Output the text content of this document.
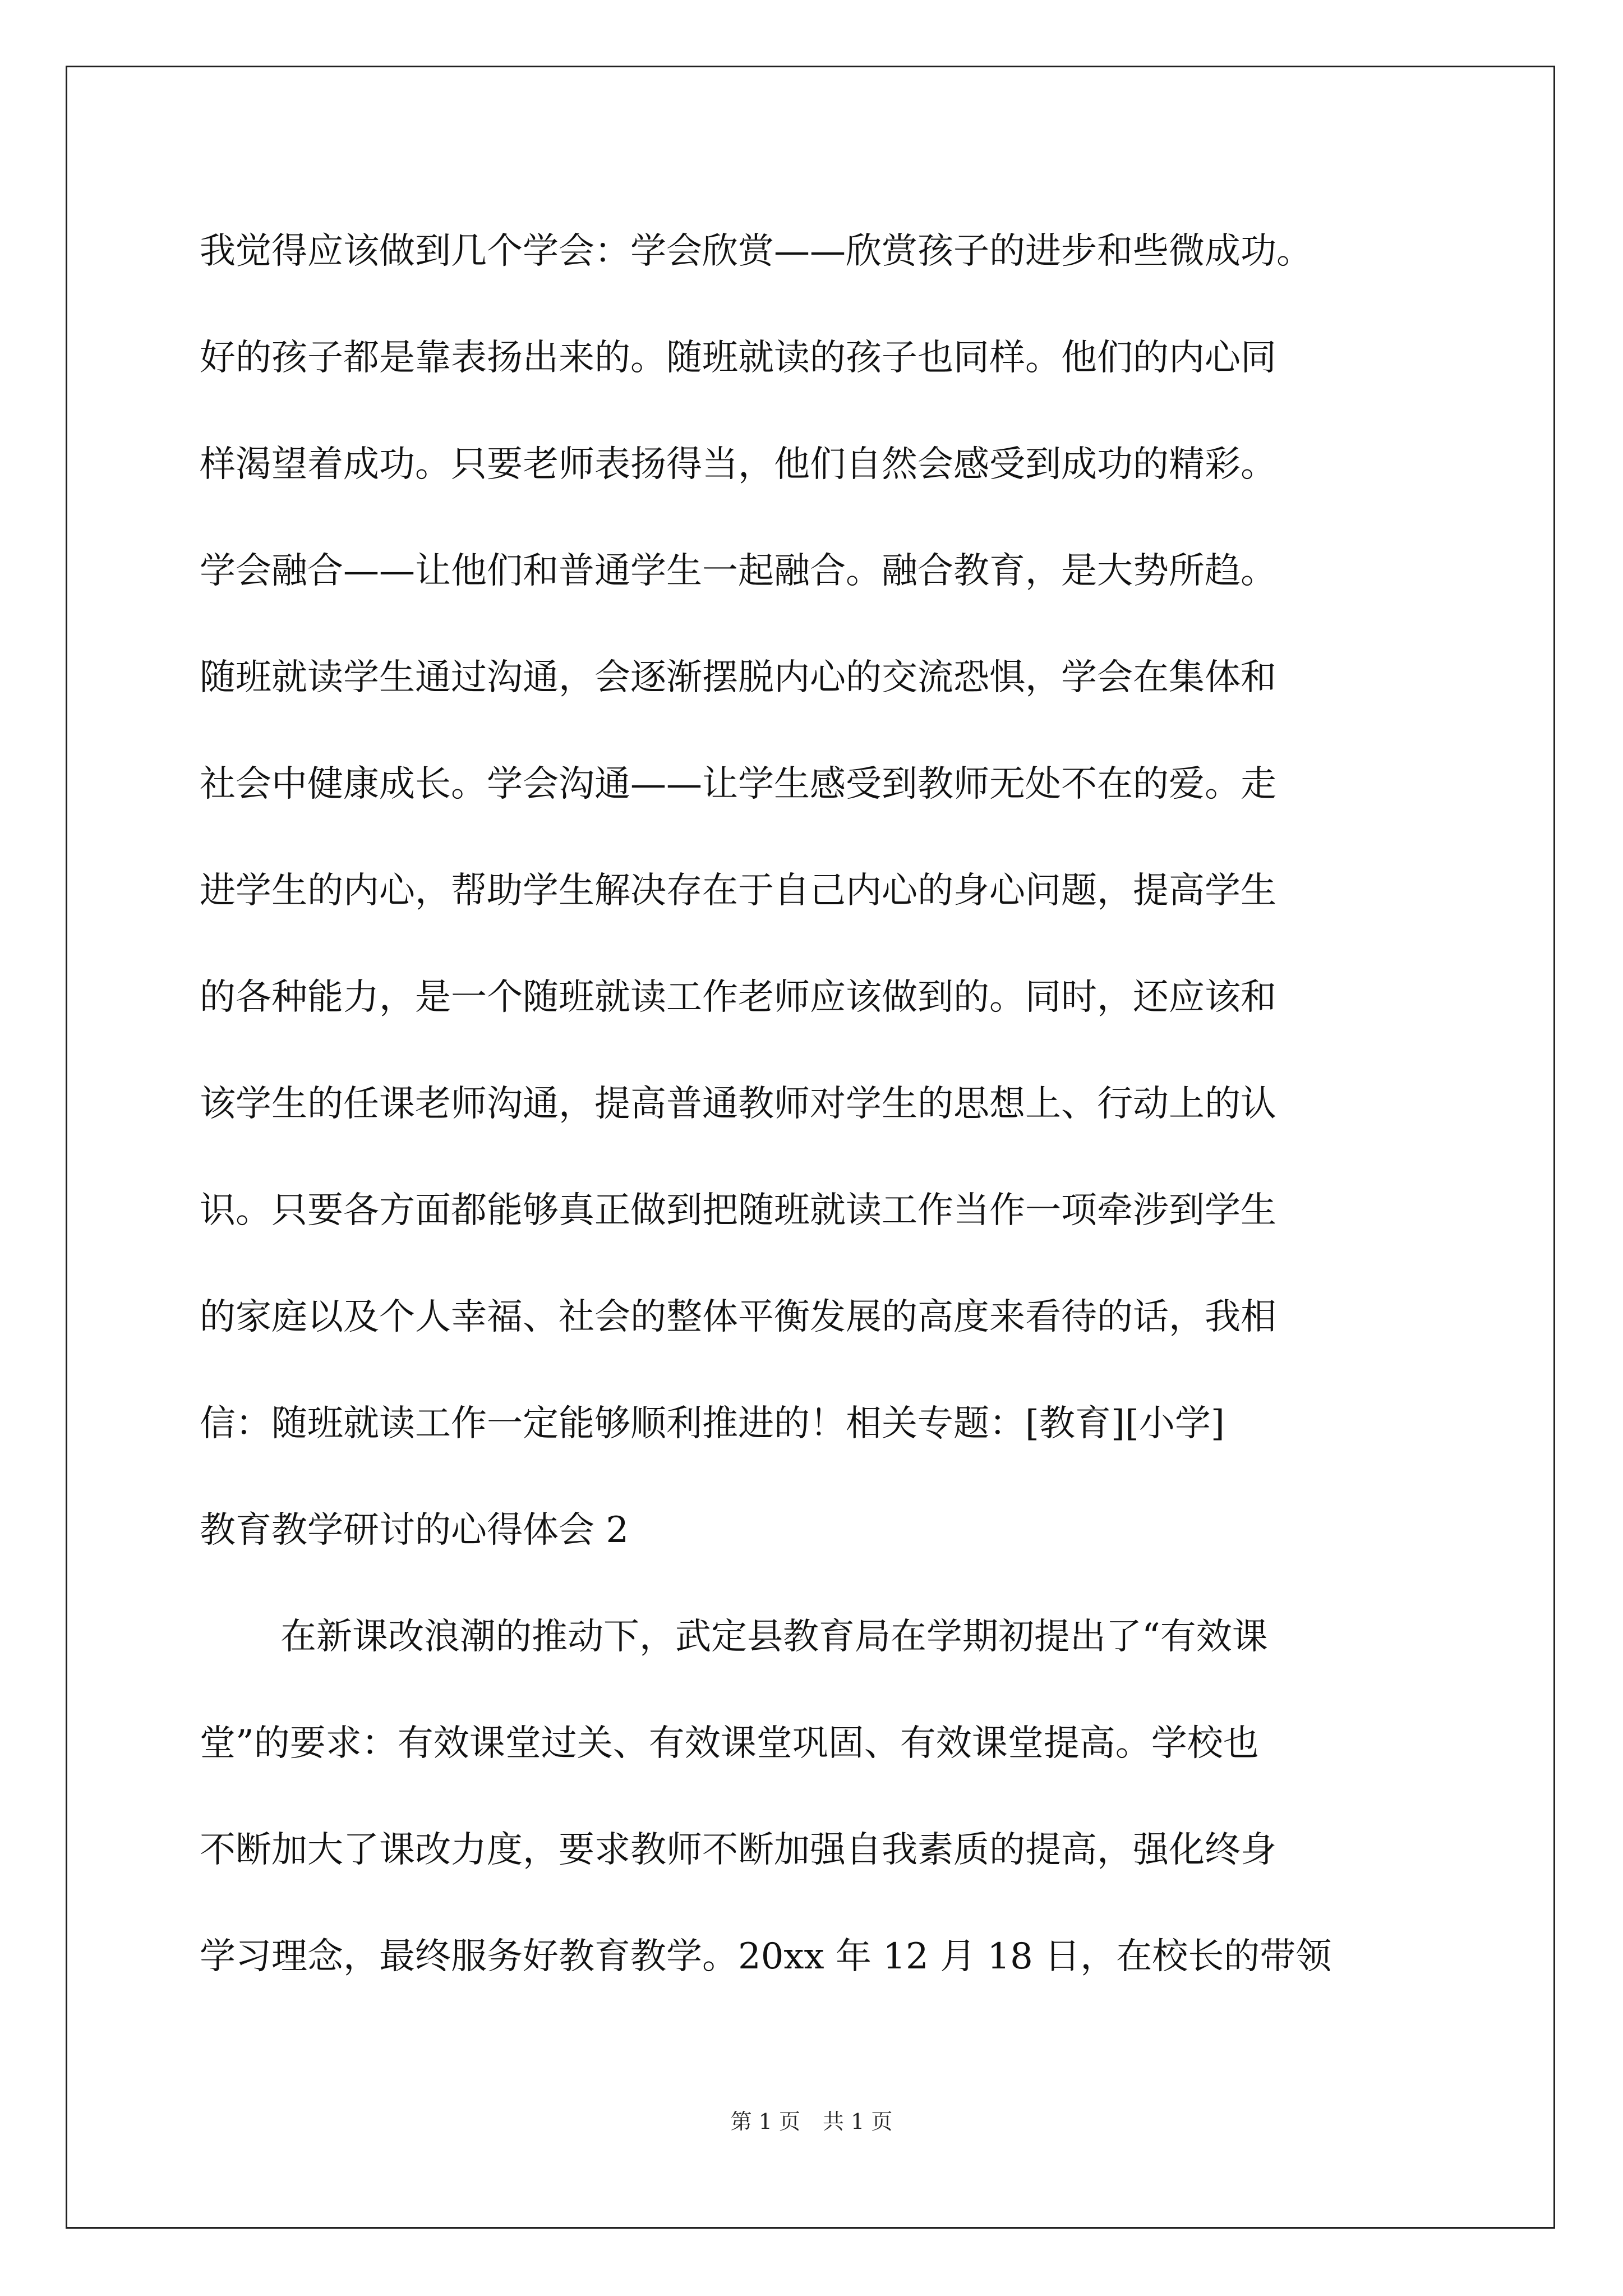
我觉得应该做到几个学会：学会欣赏——欣赏孩子的进步和些微成功。
好的孩子都是靠表扬出来的。随班就读的孩子也同样。他们的内心同
样渴望着成功。只要老师表扬得当，他们自然会感受到成功的精彩。
学会融合——让他们和普通学生一起融合。融合教育，是大势所趋。
随班就读学生通过沟通，会逐渐摆脱内心的交流恐惧，学会在集体和
社会中健康成长。学会沟通——让学生感受到教师无处不在的爱。走
进学生的内心，帮助学生解决存在于自己内心的身心问题，提高学生
的各种能力，是一个随班就读工作老师应该做到的。同时，还应该和
该学生的任课老师沟通，提高普通教师对学生的思想上、行动上的认
识。只要各方面都能够真正做到把随班就读工作当作一项牵涉到学生
的家庭以及个人幸福、社会的整体平衡发展的高度来看待的话，我相
信：随班就读工作一定能够顺利推进的！相关专题：[教育][小学]
教育教学研讨的心得体会 2
在新课改浪潮的推动下，武定县教育局在学期初提出了“有效课
堂”的要求：有效课堂过关、有效课堂巩固、有效课堂提高。学校也
不断加大了课改力度，要求教师不断加强自我素质的提高，强化终身
学习理念，最终服务好教育教学。20xx 年 12 月 18 日，在校长的带领
第 1 页 共 1 页
